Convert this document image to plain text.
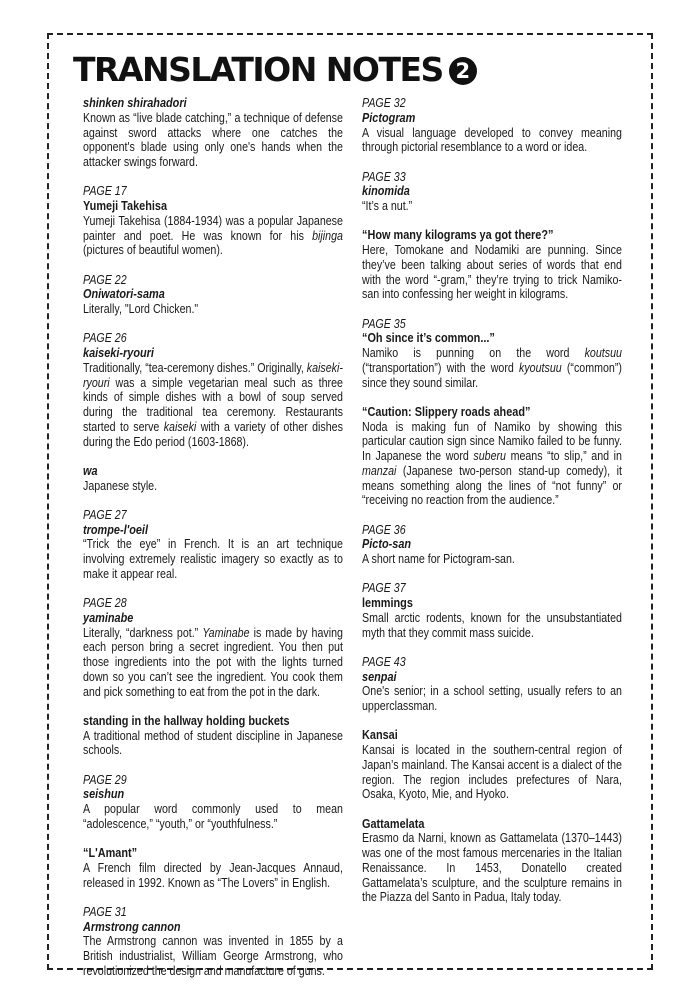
TRANSLATION NOTES 2
shinken shirahadori
Known as “live blade catching,” a technique of defense against sword attacks where one catches the opponent's blade using only one's hands when the attacker swings forward.
PAGE 17
Yumeji Takehisa
Yumeji Takehisa (1884-1934) was a popular Japanese painter and poet. He was known for his bijinga (pictures of beautiful women).
PAGE 22
Oniwatori-sama
Literally, "Lord Chicken."
PAGE 26
kaiseki-ryouri
Traditionally, “tea-ceremony dishes.” Originally, kaiseki-ryouri was a simple vegetarian meal such as three kinds of simple dishes with a bowl of soup served during the traditional tea ceremony. Restaurants started to serve kaiseki with a variety of other dishes during the Edo period (1603-1868).
wa
Japanese style.
PAGE 27
trompe-l'oeil
“Trick the eye” in French. It is an art technique involving extremely realistic imagery so exactly as to make it appear real.
PAGE 28
yaminabe
Literally, “darkness pot.” Yaminabe is made by having each person bring a secret ingredient. You then put those ingredients into the pot with the lights turned down so you can’t see the ingredient. You cook them and pick something to eat from the pot in the dark.
standing in the hallway holding buckets
A traditional method of student discipline in Japanese schools.
PAGE 29
seishun
A popular word commonly used to mean “adolescence,” “youth,” or “youthfulness.”
“L'Amant”
A French film directed by Jean-Jacques Annaud, released in 1992. Known as “The Lovers” in English.
PAGE 31
Armstrong cannon
The Armstrong cannon was invented in 1855 by a British industrialist, William George Armstrong, who revolutionized the design and manufacture of guns.
PAGE 32
Pictogram
A visual language developed to convey meaning through pictorial resemblance to a word or idea.
PAGE 33
kinomida
“It’s a nut.”
“How many kilograms ya got there?”
Here, Tomokane and Nodamiki are punning. Since they’ve been talking about series of words that end with the word “-gram,” they’re trying to trick Namiko-san into confessing her weight in kilograms.
PAGE 35
“Oh since it’s common...”
Namiko is punning on the word koutsuu (“transportation”) with the word kyoutsuu (“common”) since they sound similar.
“Caution: Slippery roads ahead”
Noda is making fun of Namiko by showing this particular caution sign since Namiko failed to be funny. In Japanese the word suberu means “to slip,” and in manzai (Japanese two-person stand-up comedy), it means something along the lines of “not funny” or “receiving no reaction from the audience.”
PAGE 36
Picto-san
A short name for Pictogram-san.
PAGE 37
lemmings
Small arctic rodents, known for the unsubstantiated myth that they commit mass suicide.
PAGE 43
senpai
One's senior; in a school setting, usually refers to an upperclassman.
Kansai
Kansai is located in the southern-central region of Japan’s mainland. The Kansai accent is a dialect of the region. The region includes prefectures of Nara, Osaka, Kyoto, Mie, and Hyoko.
Gattamelata
Erasmo da Narni, known as Gattamelata (1370–1443) was one of the most famous mercenaries in the Italian Renaissance. In 1453, Donatello created Gattamelata’s sculpture, and the sculpture remains in the Piazza del Santo in Padua, Italy today.
